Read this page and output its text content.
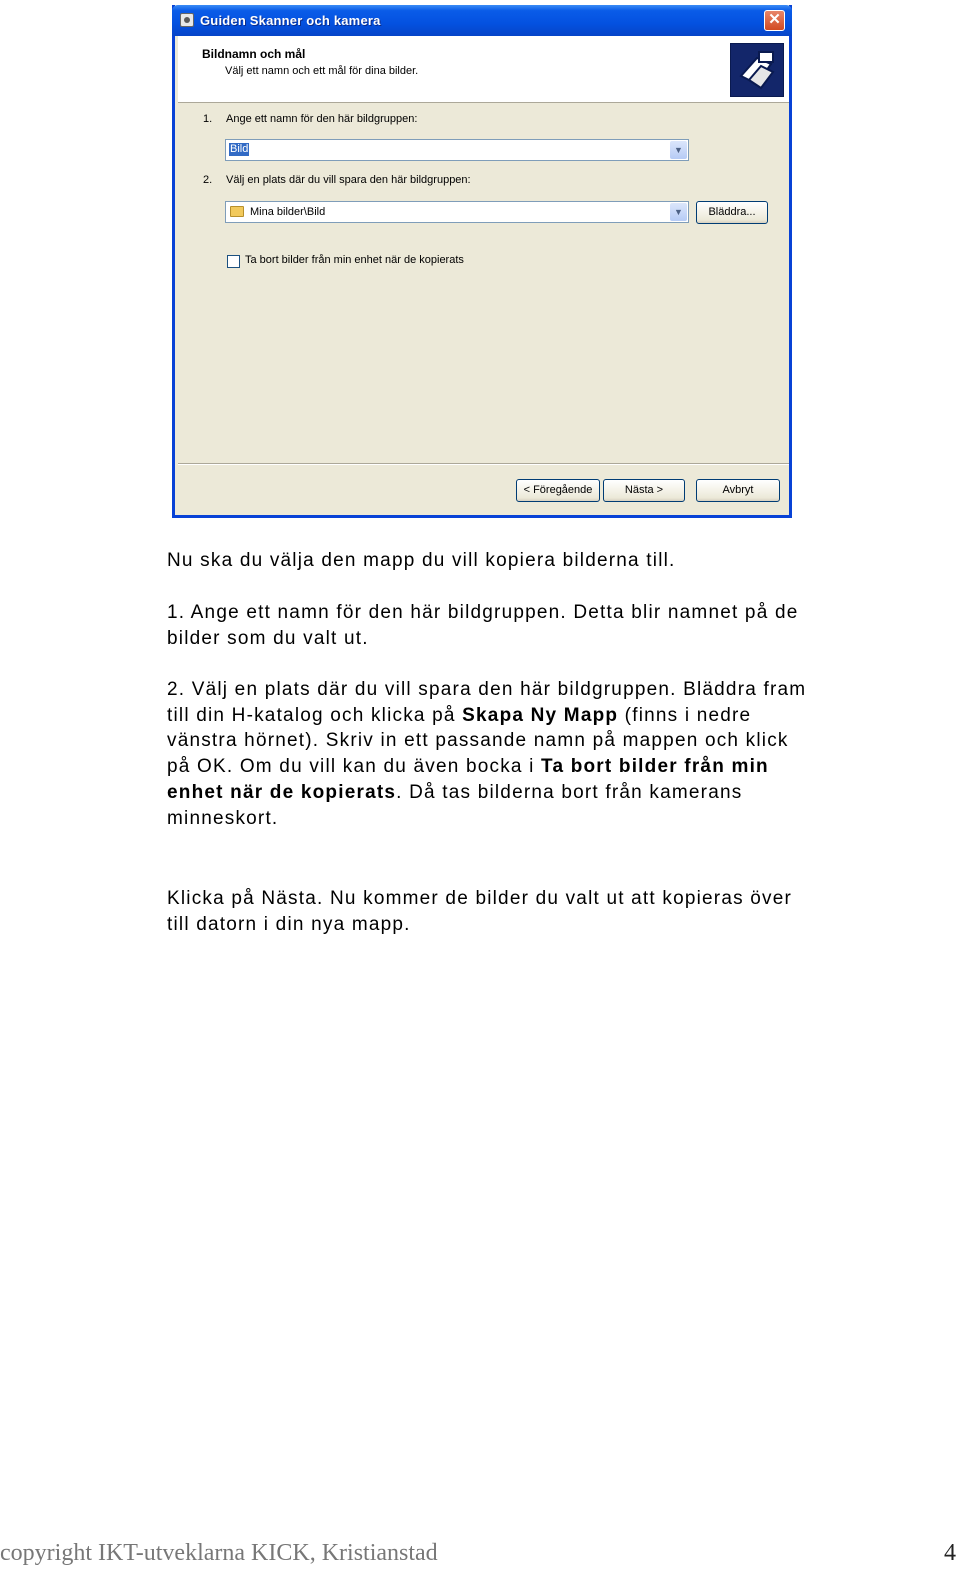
Guiden Skanner och kamera	✕
Bildnamn och mål
Välj ett namn och ett mål för dina bilder.
1. Ange ett namn för den här bildgruppen:
Bild	▼
2. Välj en plats där du vill spara den här bildgruppen:
Mina bilder\Bild	▼	Bläddra...
Ta bort bilder från min enhet när de kopierats
< Föregående	Nästa >	Avbryt

Nu ska du välja den mapp du vill kopiera bilderna till.

1. Ange ett namn för den här bildgruppen. Detta blir namnet på de bilder som du valt ut.

2. Välj en plats där du vill spara den här bildgruppen. Bläddra fram till din H-katalog och klicka på Skapa Ny Mapp (finns i nedre vänstra hörnet). Skriv in ett passande namn på mappen och klick på OK. Om du vill kan du även bocka i Ta bort bilder från min enhet när de kopierats. Då tas bilderna bort från kamerans minneskort.

Klicka på Nästa. Nu kommer de bilder du valt ut att kopieras över till datorn i din nya mapp.

copyright IKT-utveklarna KICK, Kristianstad	4
